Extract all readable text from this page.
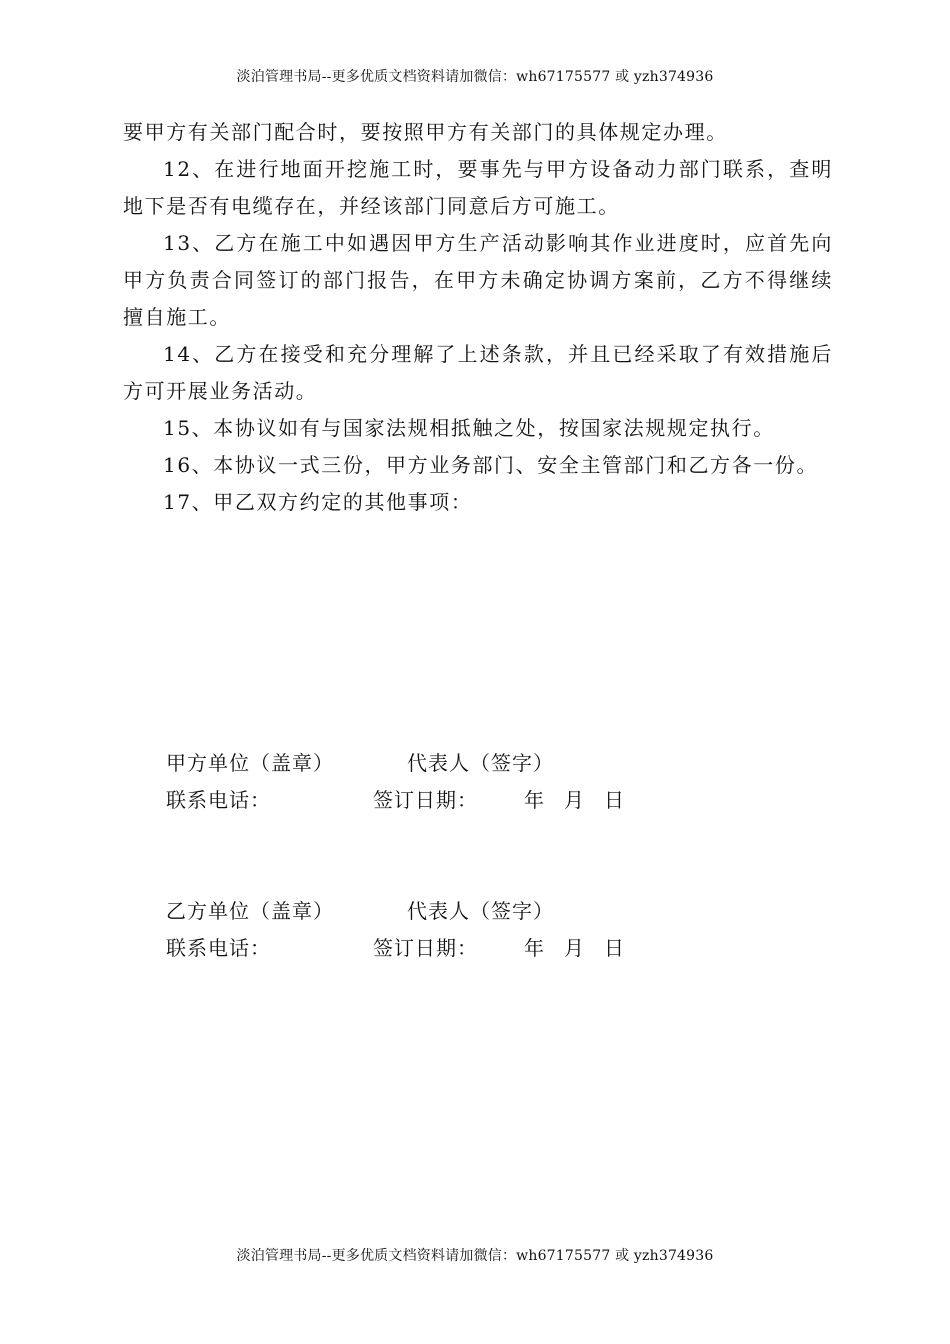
淡泊管理书局--更多优质文档资料请加微信：wh67175577 或 yzh374936

要甲方有关部门配合时，要按照甲方有关部门的具体规定办理。

12、在进行地面开挖施工时，要事先与甲方设备动力部门联系，查明地下是否有电缆存在，并经该部门同意后方可施工。

13、乙方在施工中如遇因甲方生产活动影响其作业进度时，应首先向甲方负责合同签订的部门报告，在甲方未确定协调方案前，乙方不得继续擅自施工。

14、乙方在接受和充分理解了上述条款，并且已经采取了有效措施后方可开展业务活动。

15、本协议如有与国家法规相抵触之处，按国家法规规定执行。

16、本协议一式三份，甲方业务部门、安全主管部门和乙方各一份。

17、甲乙双方约定的其他事项：

甲方单位（盖章）	代表人（签字）
联系电话：	签订日期： 年 月 日
乙方单位（盖章）	代表人（签字）
联系电话：	签订日期： 年 月 日
淡泊管理书局--更多优质文档资料请加微信：wh67175577 或 yzh374936
